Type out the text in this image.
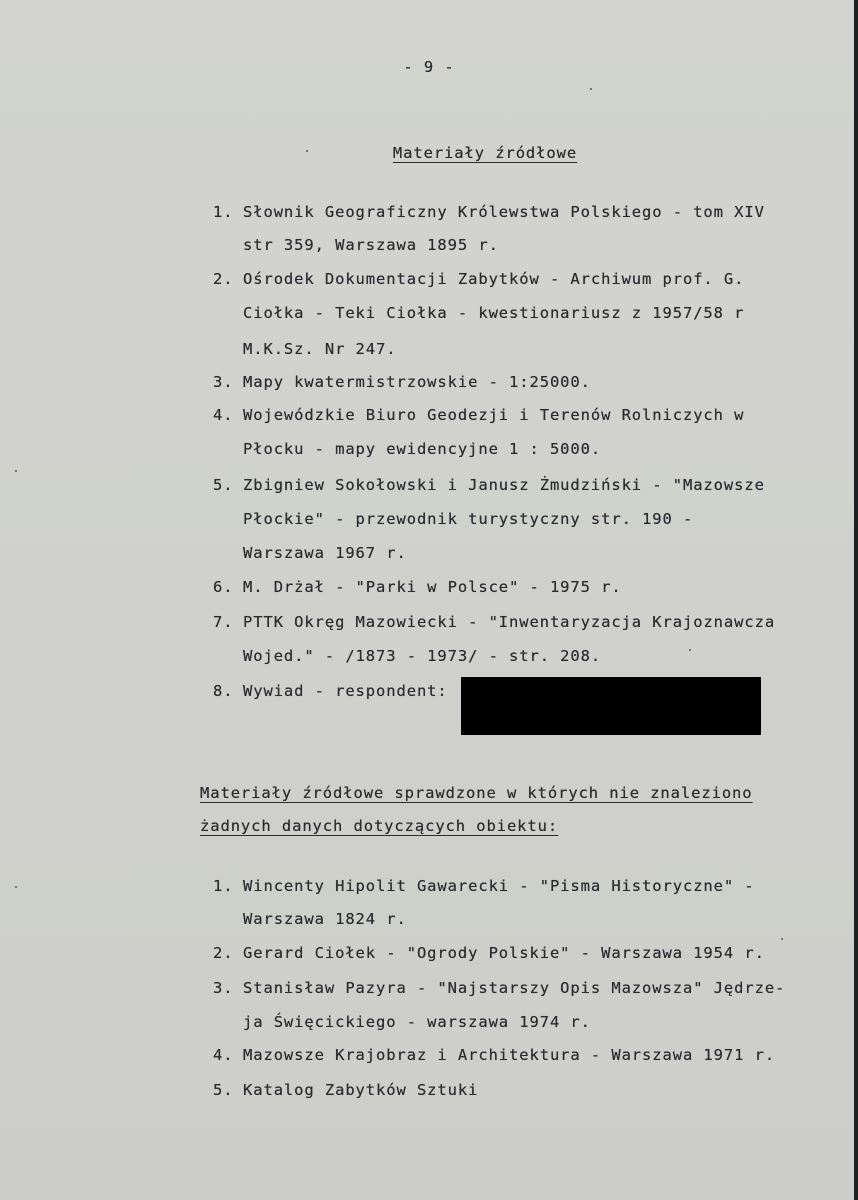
- 9 -
Materiały źródłowe
1. Słownik Geograficzny Królewstwa Polskiego - tom XIV
str 359, Warszawa 1895 r.
2. Ośrodek Dokumentacji Zabytków - Archiwum prof. G.
Ciołka - Teki Ciołka - kwestionariusz z 1957/58 r
M.K.Sz. Nr 247.
3. Mapy kwatermistrzowskie - 1:25000.
4. Wojewódzkie Biuro Geodezji i Terenów Rolniczych w
Płocku - mapy ewidencyjne 1 : 5000.
5. Zbigniew Sokołowski i Janusz Żmudziński - "Mazowsze
Płockie" - przewodnik turystyczny str. 190 -
Warszawa 1967 r.
6. M. Drżał - "Parki w Polsce" - 1975 r.
7. PTTK Okręg Mazowiecki - "Inwentaryzacja Krajoznawcza
Wojed." - /1873 - 1973/ - str. 208.
8. Wywiad - respondent:
Materiały źródłowe sprawdzone w których nie znaleziono
żadnych danych dotyczących obiektu:
1. Wincenty Hipolit Gawarecki - "Pisma Historyczne" -
Warszawa 1824 r.
2. Gerard Ciołek - "Ogrody Polskie" - Warszawa 1954 r.
3. Stanisław Pazyra - "Najstarszy Opis Mazowsza" Jędrze-
ja Święcickiego - warszawa 1974 r.
4. Mazowsze Krajobraz i Architektura - Warszawa 1971 r.
5. Katalog Zabytków Sztuki
